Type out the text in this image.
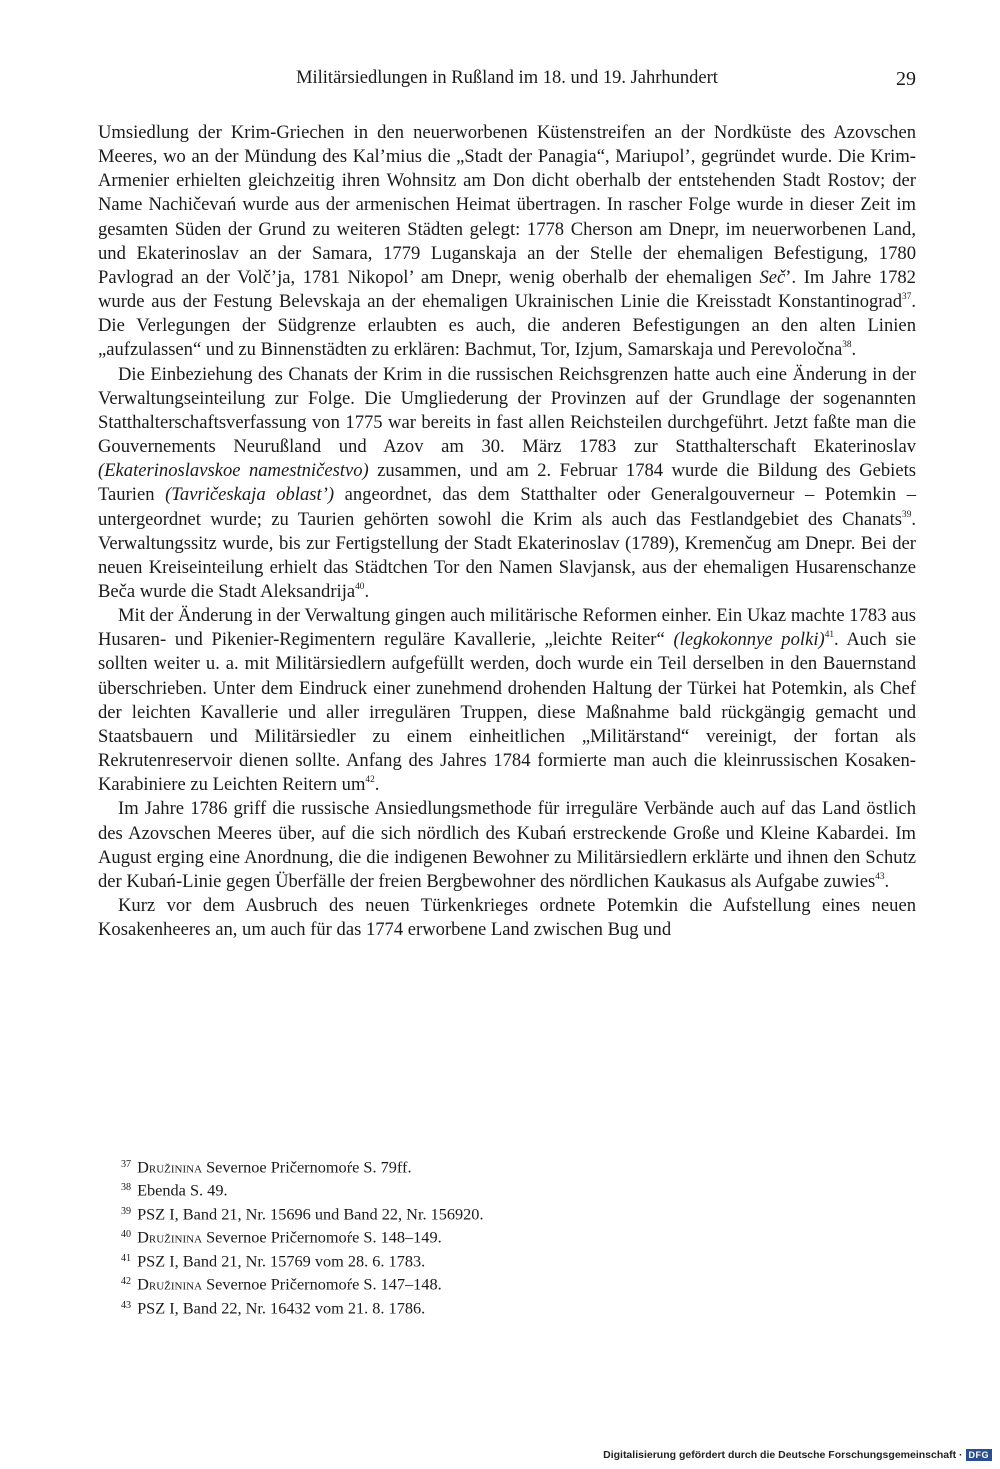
Militärsiedlungen in Rußland im 18. und 19. Jahrhundert	29

Umsiedlung der Krim-Griechen in den neuerworbenen Küstenstreifen an der Nordküste des Azovschen Meeres, wo an der Mündung des Kal’mius die „Stadt der Panagia“, Mariupol’, gegründet wurde. Die Krim-Armenier erhielten gleichzeitig ihren Wohnsitz am Don dicht oberhalb der entstehenden Stadt Rostov; der Name Nachičevań wurde aus der armenischen Heimat übertragen. In rascher Folge wurde in dieser Zeit im gesamten Süden der Grund zu weiteren Städten gelegt: 1778 Cherson am Dnepr, im neuerworbenen Land, und Ekaterinoslav an der Samara, 1779 Luganskaja an der Stelle der ehemaligen Befestigung, 1780 Pavlograd an der Volč’ja, 1781 Nikopol’ am Dnepr, wenig oberhalb der ehemaligen Seč’. Im Jahre 1782 wurde aus der Festung Belevskaja an der ehemaligen Ukrainischen Linie die Kreisstadt Konstantinograd$^{37}$. Die Verlegungen der Südgrenze erlaubten es auch, die anderen Befestigungen an den alten Linien „aufzulassen“ und zu Binnenstädten zu erklären: Bachmut, Tor, Izjum, Samarskaja und Perevoločna$^{38}$.

Die Einbeziehung des Chanats der Krim in die russischen Reichsgrenzen hatte auch eine Änderung in der Verwaltungseinteilung zur Folge. Die Umgliederung der Provinzen auf der Grundlage der sogenannten Statthalterschaftsverfassung von 1775 war bereits in fast allen Reichsteilen durchgeführt. Jetzt faßte man die Gouvernements Neurußland und Azov am 30. März 1783 zur Statthalterschaft Ekaterinoslav (Ekaterinoslavskoe namestničestvo) zusammen, und am 2. Februar 1784 wurde die Bildung des Gebiets Taurien (Tavričeskaja oblast’) angeordnet, das dem Statthalter oder Generalgouverneur – Potemkin – untergeordnet wurde; zu Taurien gehörten sowohl die Krim als auch das Festlandgebiet des Chanats$^{39}$. Verwaltungssitz wurde, bis zur Fertigstellung der Stadt Ekaterinoslav (1789), Kremenčug am Dnepr. Bei der neuen Kreiseinteilung erhielt das Städtchen Tor den Namen Slavjansk, aus der ehemaligen Husarenschanze Beča wurde die Stadt Aleksandrija$^{40}$.

Mit der Änderung in der Verwaltung gingen auch militärische Reformen einher. Ein Ukaz machte 1783 aus Husaren- und Pikenier-Regimentern reguläre Kavallerie, „leichte Reiter“ (legkokonnye polki)$^{41}$. Auch sie sollten weiter u. a. mit Militärsiedlern aufgefüllt werden, doch wurde ein Teil derselben in den Bauernstand überschrieben. Unter dem Eindruck einer zunehmend drohenden Haltung der Türkei hat Potemkin, als Chef der leichten Kavallerie und aller irregulären Truppen, diese Maßnahme bald rückgängig gemacht und Staatsbauern und Militärsiedler zu einem einheitlichen „Militärstand“ vereinigt, der fortan als Rekrutenreservoir dienen sollte. Anfang des Jahres 1784 formierte man auch die kleinrussischen Kosaken-Karabiniere zu Leichten Reitern $um^{42}$.

Im Jahre 1786 griff die russische Ansiedlungsmethode für irreguläre Verbände auch auf das Land östlich des Azovschen Meeres über, auf die sich nördlich des Kubań erstreckende Große und Kleine Kabardei. Im August erging eine Anordnung, die die indigenen Bewohner zu Militärsiedlern erklärte und ihnen den Schutz der Kubań-Linie gegen Überfälle der freien Bergbewohner des nördlichen Kaukasus als Aufgabe zuwies$^{43}$.

Kurz vor dem Ausbruch des neuen Türkenkrieges ordnete Potemkin die Aufstellung eines neuen Kosakenheeres an, um auch für das 1774 erworbene Land zwischen Bug und

$^{37}$ Družinina Severnoe Pričernomoŕe S. 79ff.
$^{38}$ Ebenda S. 49.
$^{39}$ PSZ I, Band 21, Nr. 15696 und Band 22, Nr. 156920.
$^{40}$ Družinina Severnoe Pričernomoŕe S. 148–149.
$^{41}$ PSZ I, Band 21, Nr. 15769 vom 28. 6. 1783.
$^{42}$ Družinina Severnoe Pričernomoŕe S. 147–148.
$^{43}$ PSZ I, Band 22, Nr. 16432 vom 21. 8. 1786.
Digitalisierung gefördert durch die Deutsche Forschungsgemeinschaft · DFG
